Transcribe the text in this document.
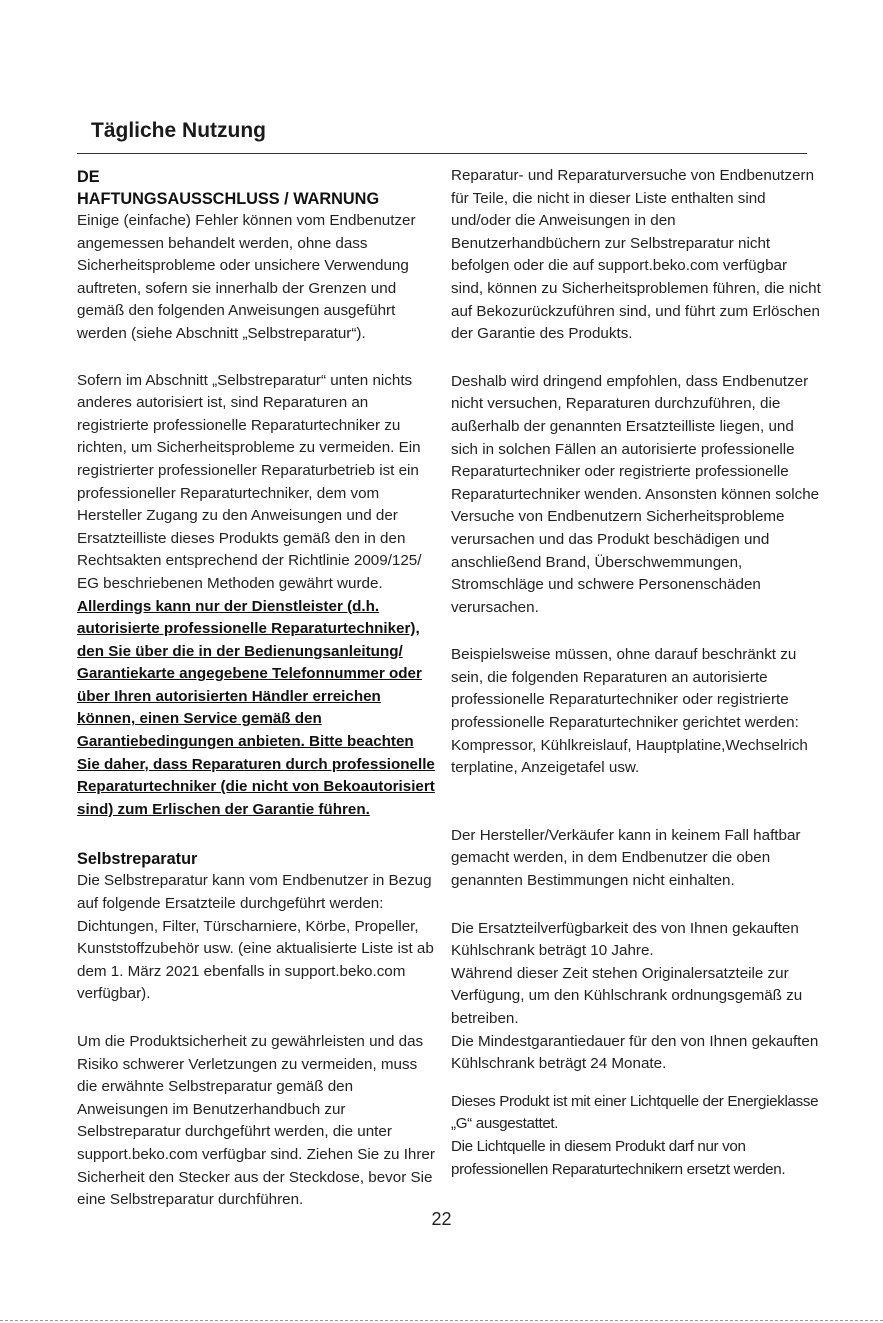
Tägliche Nutzung
DE
HAFTUNGSAUSSCHLUSS / WARNUNG

Einige (einfache) Fehler können vom Endbenutzer angemessen behandelt werden, ohne dass Sicherheitsprobleme oder unsichere Verwendung auftreten, sofern sie innerhalb der Grenzen und gemäß den folgenden Anweisungen ausgeführt werden (siehe Abschnitt „Selbstreparatur“).

Sofern im Abschnitt „Selbstreparatur“ unten nichts anderes autorisiert ist, sind Reparaturen an registrierte professionelle Reparaturtechniker zu richten, um Sicherheitsprobleme zu vermeiden. Ein registrierter professioneller Reparaturbetrieb ist ein professioneller Reparaturtechniker, dem vom Hersteller Zugang zu den Anweisungen und der Ersatzteilliste dieses Produkts gemäß den in den Rechtsakten entsprechend der Richtlinie 2009/125/ EG beschriebenen Methoden gewährt wurde.

Allerdings kann nur der Dienstleister (d.h. autorisierte professionelle Reparaturtechniker), den Sie über die in der Bedienungsanleitung/ Garantiekarte angegebene Telefonnummer oder über Ihren autorisierten Händler erreichen können, einen Service gemäß den Garantiebedingungen anbieten. Bitte beachten Sie daher, dass Reparaturen durch professionelle Reparaturtechniker (die nicht von Bekoautorisiert sind) zum Erlischen der Garantie führen.

Selbstreparatur

Die Selbstreparatur kann vom Endbenutzer in Bezug auf folgende Ersatzteile durchgeführt werden: Dichtungen, Filter, Türscharniere, Körbe, Propeller, Kunststoffzubehör usw. (eine aktualisierte Liste ist ab dem 1. März 2021 ebenfalls in support.beko.com verfügbar).

Um die Produktsicherheit zu gewährleisten und das Risiko schwerer Verletzungen zu vermeiden, muss die erwähnte Selbstreparatur gemäß den Anweisungen im Benutzerhandbuch zur Selbstreparatur durchgeführt werden, die unter support.beko.com verfügbar sind. Ziehen Sie zu Ihrer Sicherheit den Stecker aus der Steckdose, bevor Sie eine Selbstreparatur durchführen.

Reparatur- und Reparaturversuche von Endbenutzern für Teile, die nicht in dieser Liste enthalten sind und/oder die Anweisungen in den Benutzerhandbüchern zur Selbstreparatur nicht befolgen oder die auf support.beko.com verfügbar sind, können zu Sicherheitsproblemen führen, die nicht auf Bekozurückzuführen sind, und führt zum Erlöschen der Garantie des Produkts.

Deshalb wird dringend empfohlen, dass Endbenutzer nicht versuchen, Reparaturen durchzuführen, die außerhalb der genannten Ersatzteilliste liegen, und sich in solchen Fällen an autorisierte professionelle Reparaturtechniker oder registrierte professionelle Reparaturtechniker wenden. Ansonsten können solche Versuche von Endbenutzern Sicherheitsprobleme verursachen und das Produkt beschädigen und anschließend Brand, Überschwemmungen, Stromschläge und schwere Personenschäden verursachen.

Beispielsweise müssen, ohne darauf beschränkt zu sein, die folgenden Reparaturen an autorisierte professionelle Reparaturtechniker oder registrierte professionelle Reparaturtechniker gerichtet werden: Kompressor, Kühlkreislauf, Hauptplatine,Wechselrich terplatine, Anzeigetafel usw.

Der Hersteller/Verkäufer kann in keinem Fall haftbar gemacht werden, in dem Endbenutzer die oben genannten Bestimmungen nicht einhalten.

Die Ersatzteilverfügbarkeit des von Ihnen gekauften Kühlschrank beträgt 10 Jahre.

Während dieser Zeit stehen Originalersatzteile zur Verfügung, um den Kühlschrank ordnungsgemäß zu betreiben.

Die Mindestgarantiedauer für den von Ihnen gekauften Kühlschrank beträgt 24 Monate.

Dieses Produkt ist mit einer Lichtquelle der Energieklasse „G“ ausgestattet.

Die Lichtquelle in diesem Produkt darf nur von professionellen Reparaturtechnikern ersetzt werden.

22
